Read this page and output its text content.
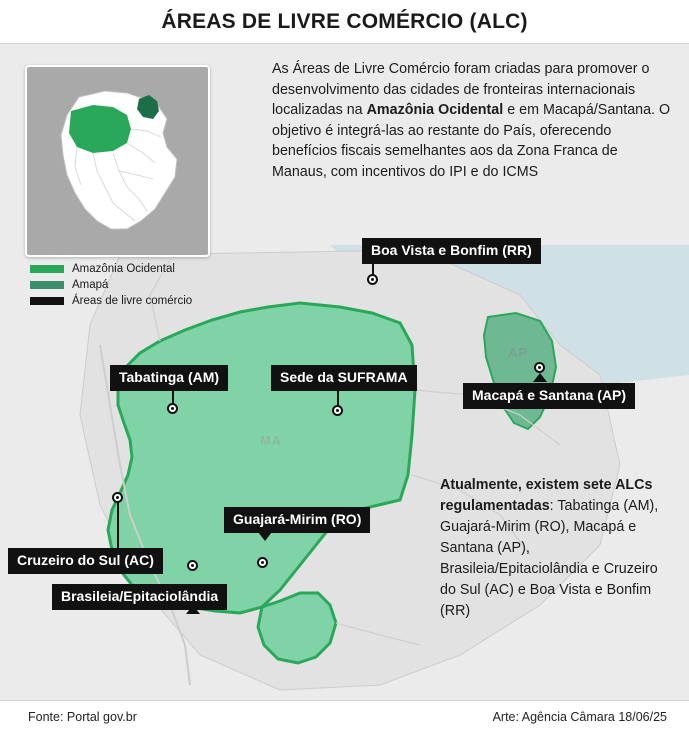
ÁREAS DE LIVRE COMÉRCIO (ALC)
AP
MA
As Áreas de Livre Comércio foram criadas para promover o desenvolvimento das cidades de fronteiras internacionais localizadas na Amazônia Ocidental e em Macapá/Santana. O objetivo é integrá-las ao restante do País, oferecendo benefícios fiscais semelhantes aos da Zona Franca de Manaus, com incentivos do IPI e do ICMS
Amazônia Ocidental
Amapá
Áreas de livre comércio
Boa Vista e Bonfim (RR)
Sede da SUFRAMA
Tabatinga (AM)
Macapá e Santana (AP)
Cruzeiro do Sul (AC)
Guajará-Mirim (RO)
Brasileia/Epitaciolândia
Atualmente, existem sete ALCs regulamentadas: Tabatinga (AM), Guajará-Mirim (RO), Macapá e Santana (AP), Brasileia/Epitaciolândia e Cruzeiro do Sul (AC) e Boa Vista e Bonfim (RR)
Fonte: Portal gov.br	Arte: Agência Câmara 18/06/25
